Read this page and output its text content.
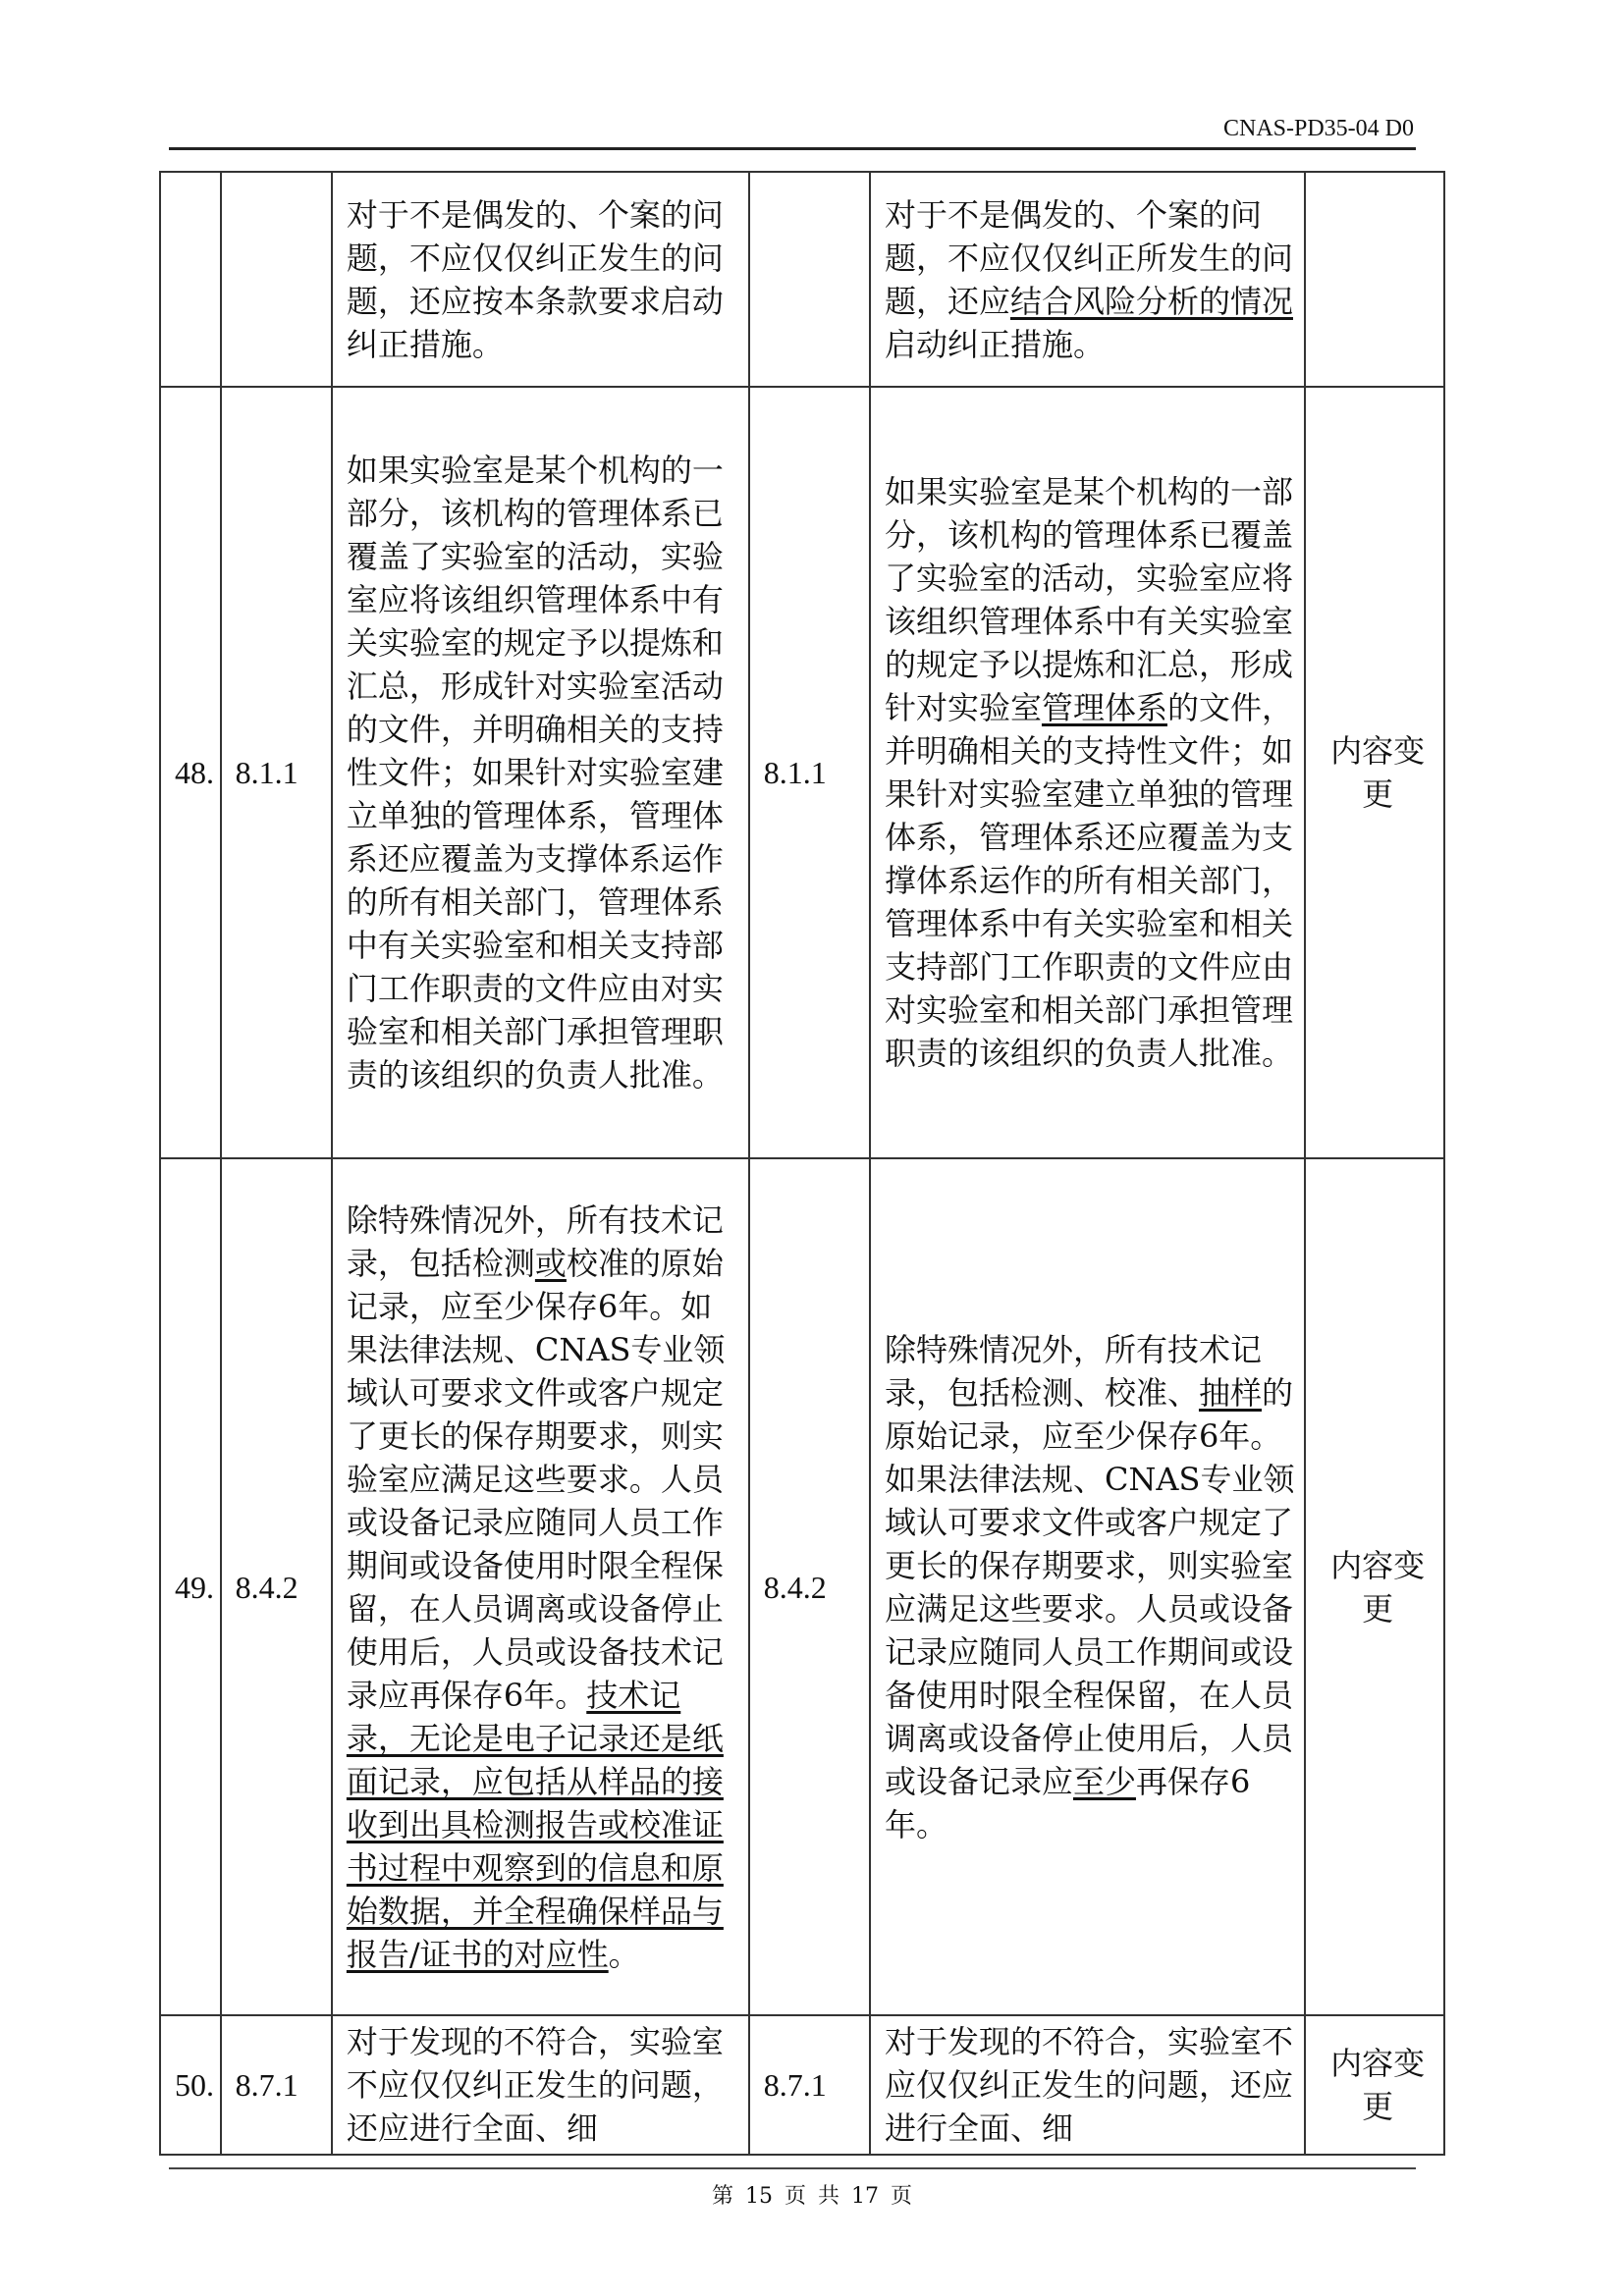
CNAS-PD35-04 D0
		对于不是偶发的、个案的问题，不应仅仅纠正发生的问题，还应按本条款要求启动纠正措施。		对于不是偶发的、个案的问题，不应仅仅纠正所发生的问题，还应结合风险分析的情况启动纠正措施。	
48.	8.1.1	如果实验室是某个机构的一部分，该机构的管理体系已覆盖了实验室的活动，实验室应将该组织管理体系中有关实验室的规定予以提炼和汇总，形成针对实验室活动的文件，并明确相关的支持性文件；如果针对实验室建立单独的管理体系，管理体系还应覆盖为支撑体系运作的所有相关部门，管理体系中有关实验室和相关支持部门工作职责的文件应由对实验室和相关部门承担管理职责的该组织的负责人批准。	8.1.1	如果实验室是某个机构的一部分，该机构的管理体系已覆盖了实验室的活动，实验室应将该组织管理体系中有关实验室的规定予以提炼和汇总，形成针对实验室管理体系的文件，并明确相关的支持性文件；如果针对实验室建立单独的管理体系，管理体系还应覆盖为支撑体系运作的所有相关部门，管理体系中有关实验室和相关支持部门工作职责的文件应由对实验室和相关部门承担管理职责的该组织的负责人批准。	内容变更
49.	8.4.2	除特殊情况外，所有技术记录，包括检测或校准的原始记录，应至少保存6年。如果法律法规、CNAS专业领域认可要求文件或客户规定了更长的保存期要求，则实验室应满足这些要求。人员或设备记录应随同人员工作期间或设备使用时限全程保留，在人员调离或设备停止使用后，人员或设备技术记录应再保存6年。技术记录，无论是电子记录还是纸面记录，应包括从样品的接收到出具检测报告或校准证书过程中观察到的信息和原始数据，并全程确保样品与报告/证书的对应性。	8.4.2	除特殊情况外，所有技术记录，包括检测、校准、抽样的原始记录，应至少保存6年。如果法律法规、CNAS专业领域认可要求文件或客户规定了更长的保存期要求，则实验室应满足这些要求。人员或设备记录应随同人员工作期间或设备使用时限全程保留，在人员调离或设备停止使用后，人员或设备记录应至少再保存6年。	内容变更
50.	8.7.1	对于发现的不符合，实验室不应仅仅纠正发生的问题，还应进行全面、细	8.7.1	对于发现的不符合，实验室不应仅仅纠正发生的问题，还应进行全面、细	内容变更
第 15 页 共 17 页
